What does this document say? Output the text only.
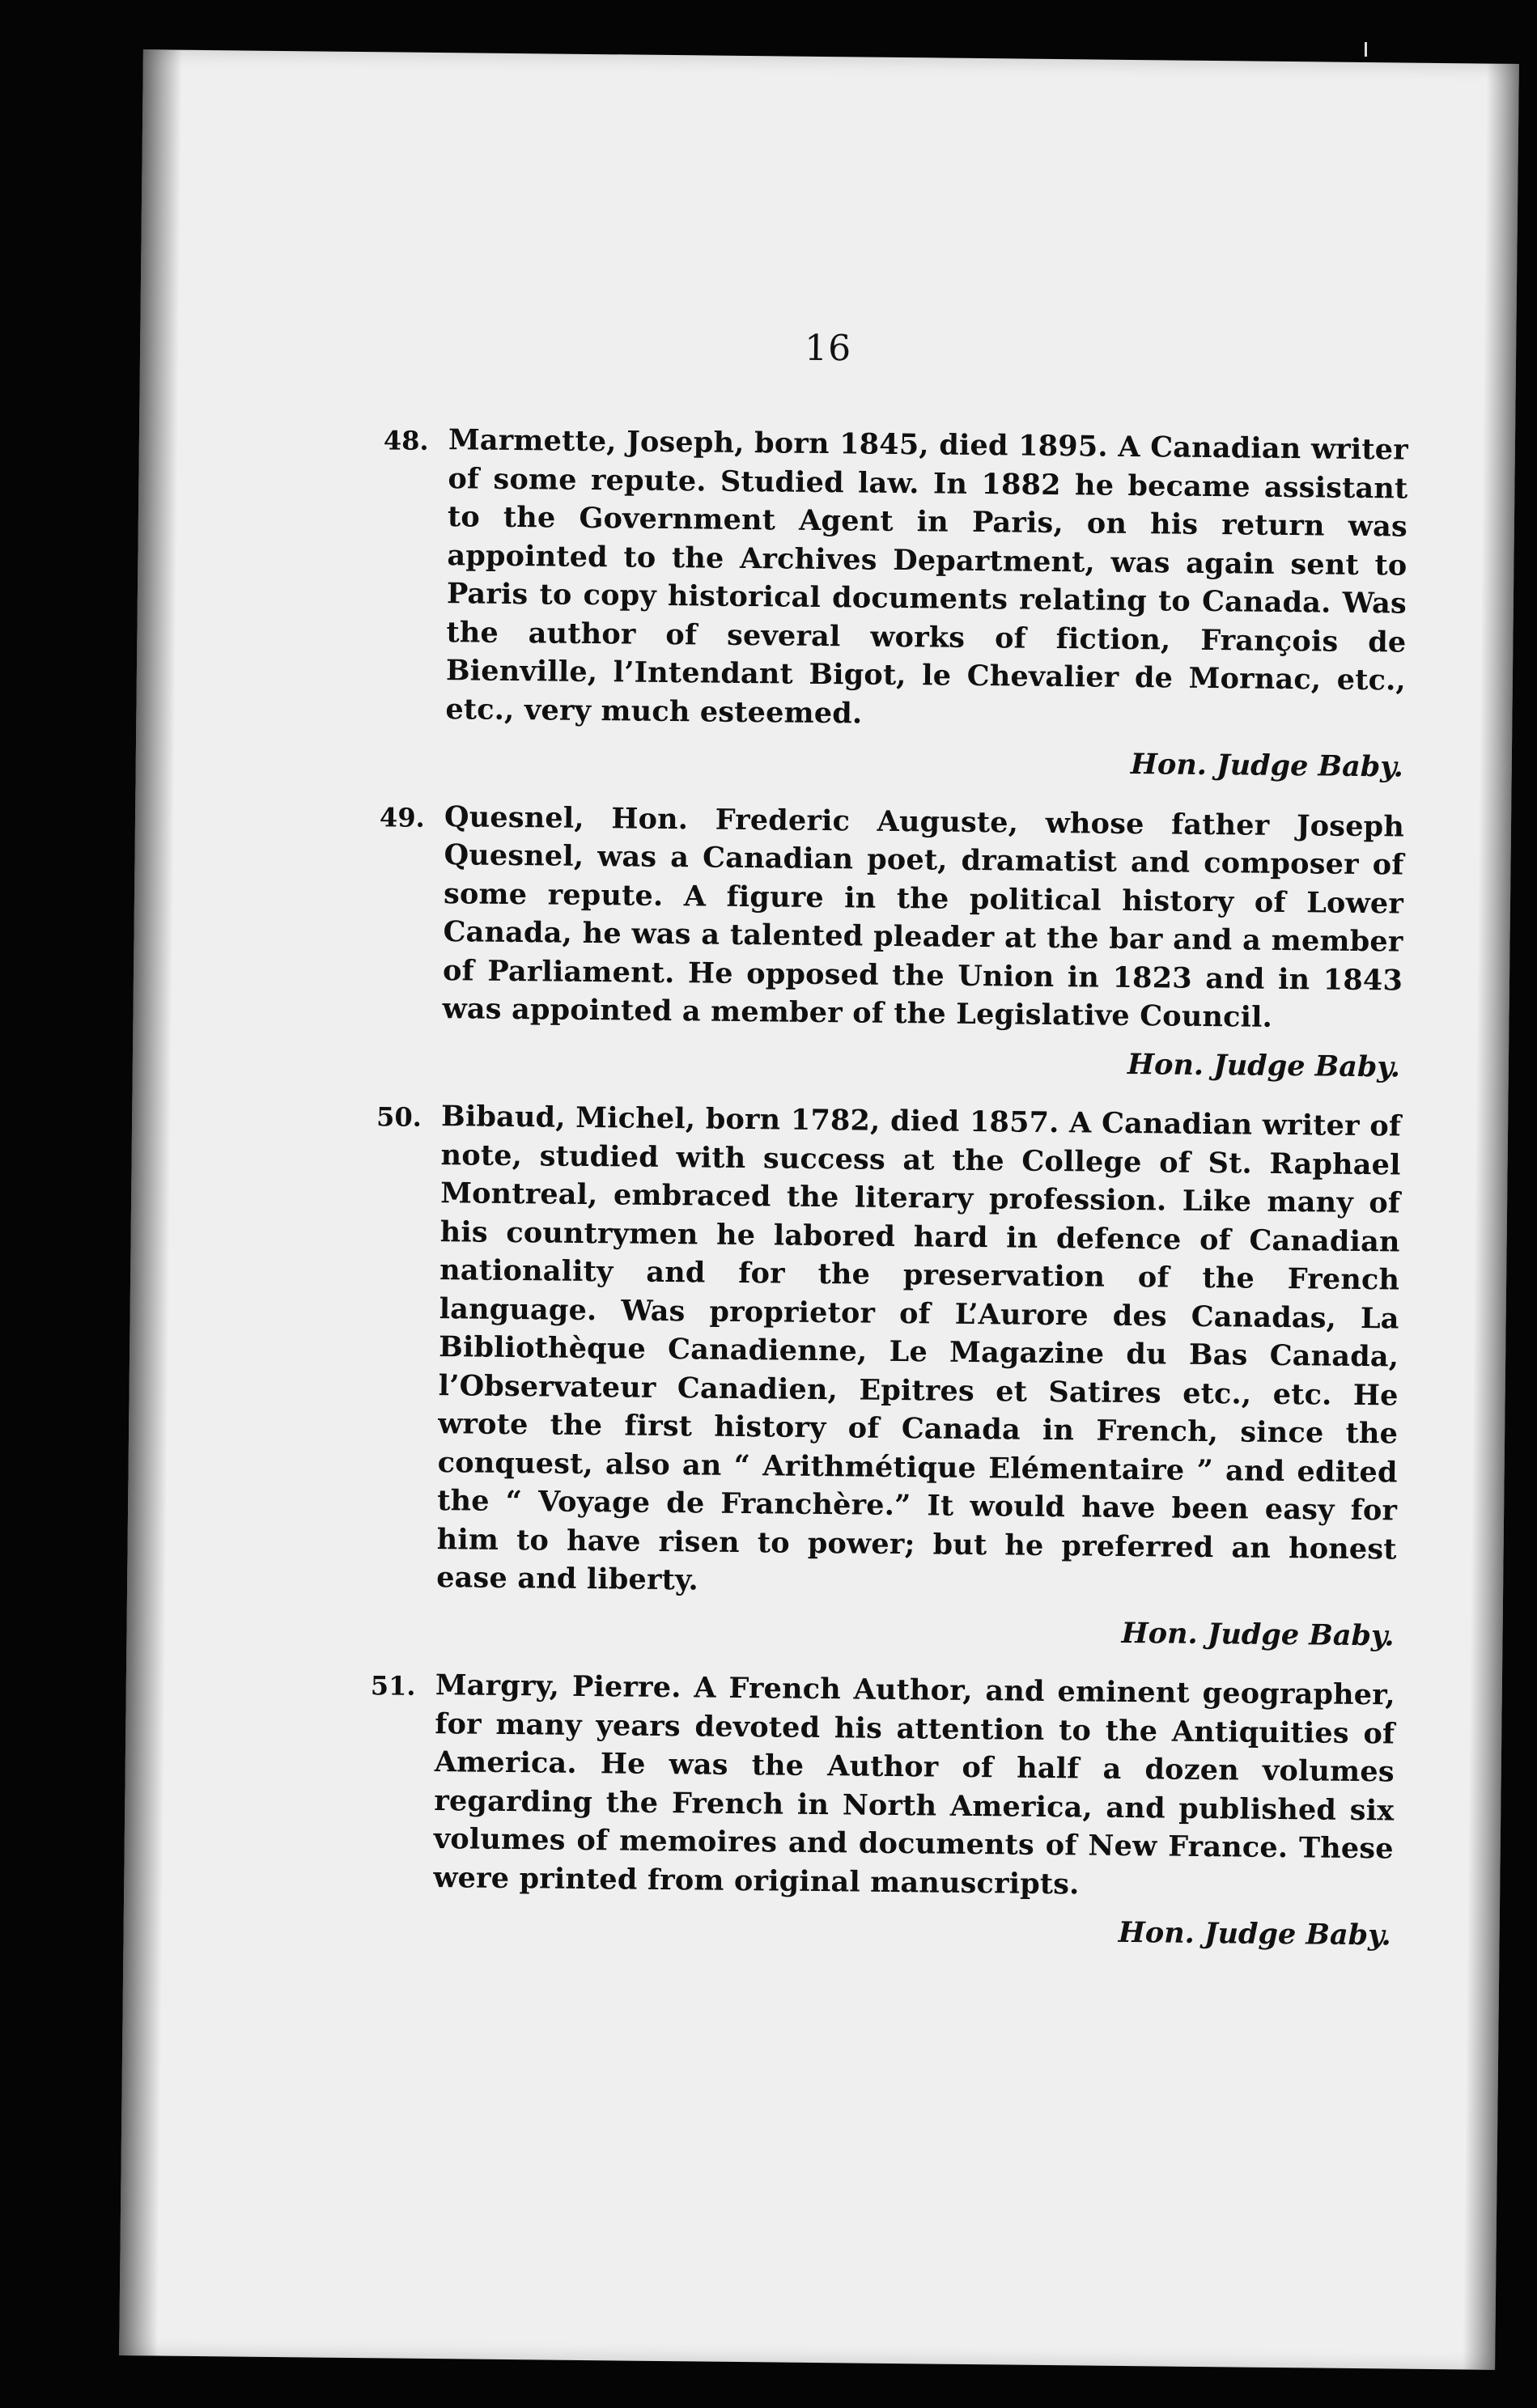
16
48. Marmette, Joseph, born 1845, died 1895. A Canadian writer of some repute. Studied law. In 1882 he became assistant to the Government Agent in Paris, on his return was appointed to the Archives Department, was again sent to Paris to copy historical documents relating to Canada. Was the author of several works of fiction, François de Bienville, l’Intendant Bigot, le Chevalier de Mornac, etc., etc., very much esteemed.
Hon. Judge Baby.
49. Quesnel, Hon. Frederic Auguste, whose father Joseph Quesnel, was a Canadian poet, dramatist and composer of some repute. A figure in the political history of Lower Canada, he was a talented pleader at the bar and a member of Parliament. He opposed the Union in 1823 and in 1843 was appointed a member of the Legislative Council.
Hon. Judge Baby.
50. Bibaud, Michel, born 1782, died 1857. A Canadian writer of note, studied with success at the College of St. Raphael Montreal, embraced the literary profession. Like many of his countrymen he labored hard in defence of Canadian nationality and for the preservation of the French language. Was proprietor of L’Aurore des Canadas, La Bibliothèque Canadienne, Le Magazine du Bas Canada, l’Observateur Canadien, Epitres et Satires etc., etc. He wrote the first history of Canada in French, since the conquest, also an “ Arithmétique Elémentaire ” and edited the “ Voyage de Franchère.” It would have been easy for him to have risen to power; but he preferred an honest ease and liberty.
Hon. Judge Baby.
51. Margry, Pierre. A French Author, and eminent geographer, for many years devoted his attention to the Antiquities of America. He was the Author of half a dozen volumes regarding the French in North America, and published six volumes of memoires and documents of New France. These were printed from original manuscripts.
Hon. Judge Baby.
